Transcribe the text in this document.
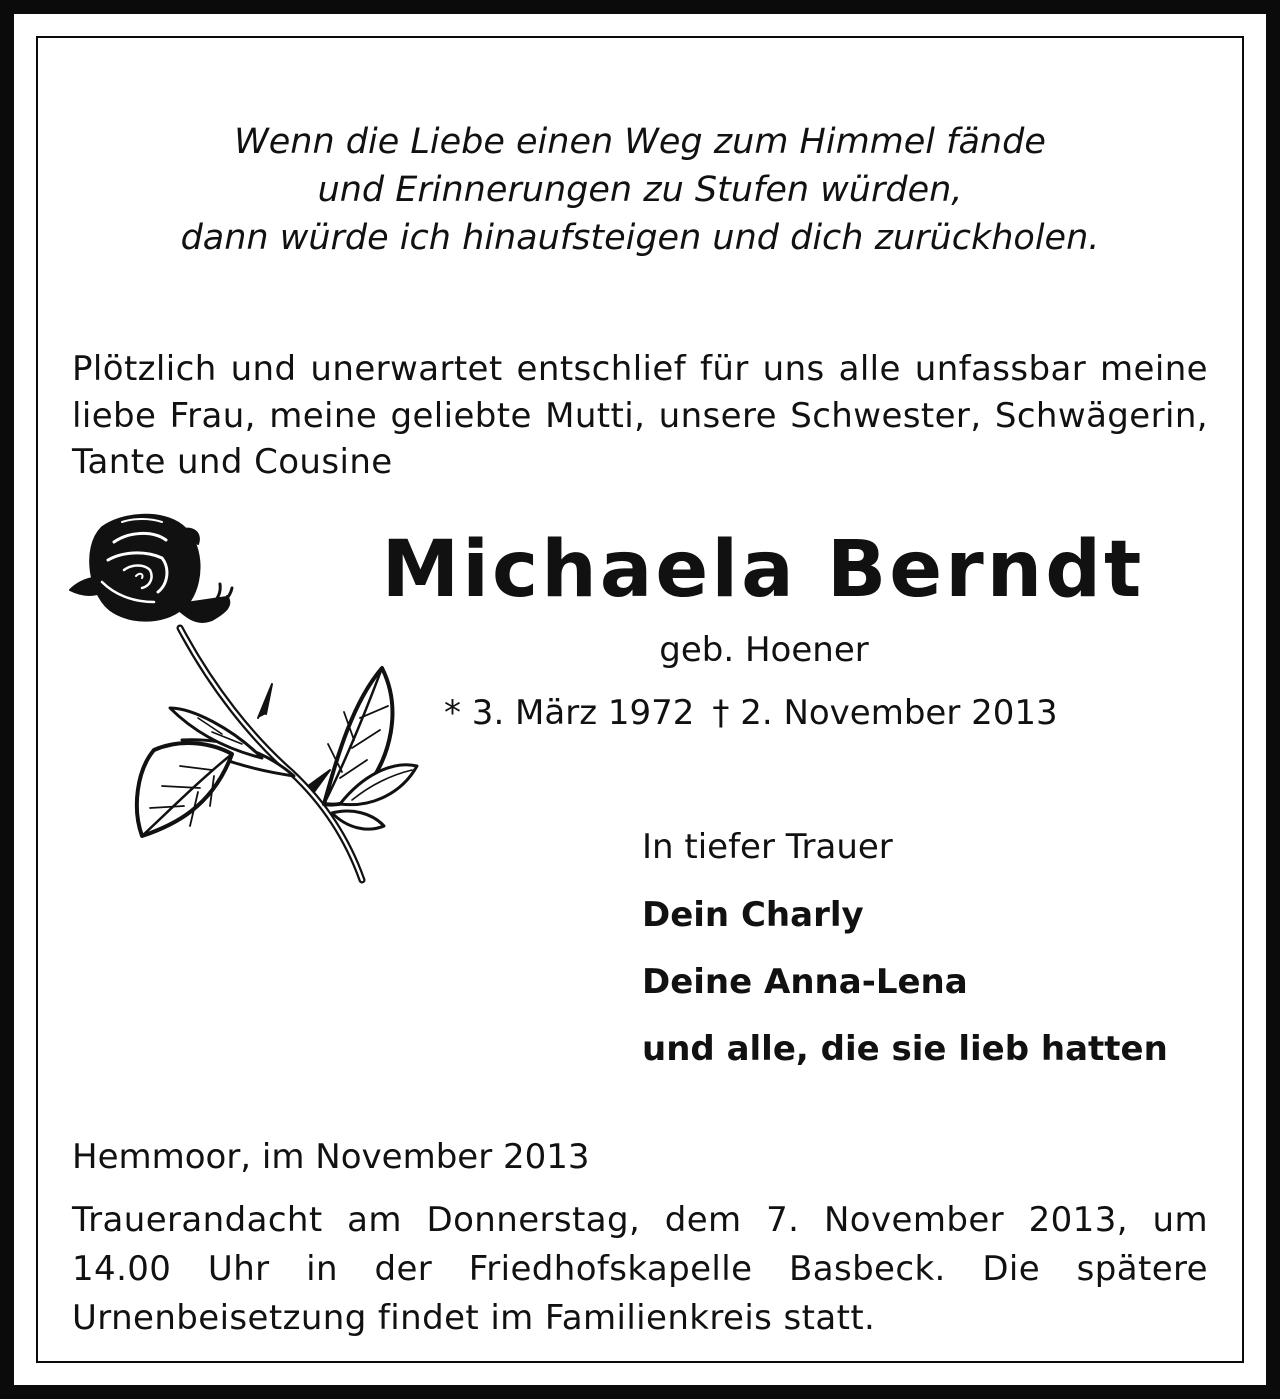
Wenn die Liebe einen Weg zum Himmel fände
und Erinnerungen zu Stufen würden,
dann würde ich hinaufsteigen und dich zurückholen.
Plötzlich und unerwartet entschlief für uns alle unfassbar meine liebe Frau, meine geliebte Mutti, unsere Schwester, Schwägerin, Tante und Cousine
Michaela Berndt
geb. Hoener
* 3. März 1972 † 2. November 2013
In tiefer Trauer
Dein Charly
Deine Anna-Lena
und alle, die sie lieb hatten
Hemmoor, im November 2013
Trauerandacht am Donnerstag, dem 7. November 2013, um 14.00 Uhr in der Friedhofskapelle Basbeck. Die spätere Urnenbeisetzung findet im Familienkreis statt.
